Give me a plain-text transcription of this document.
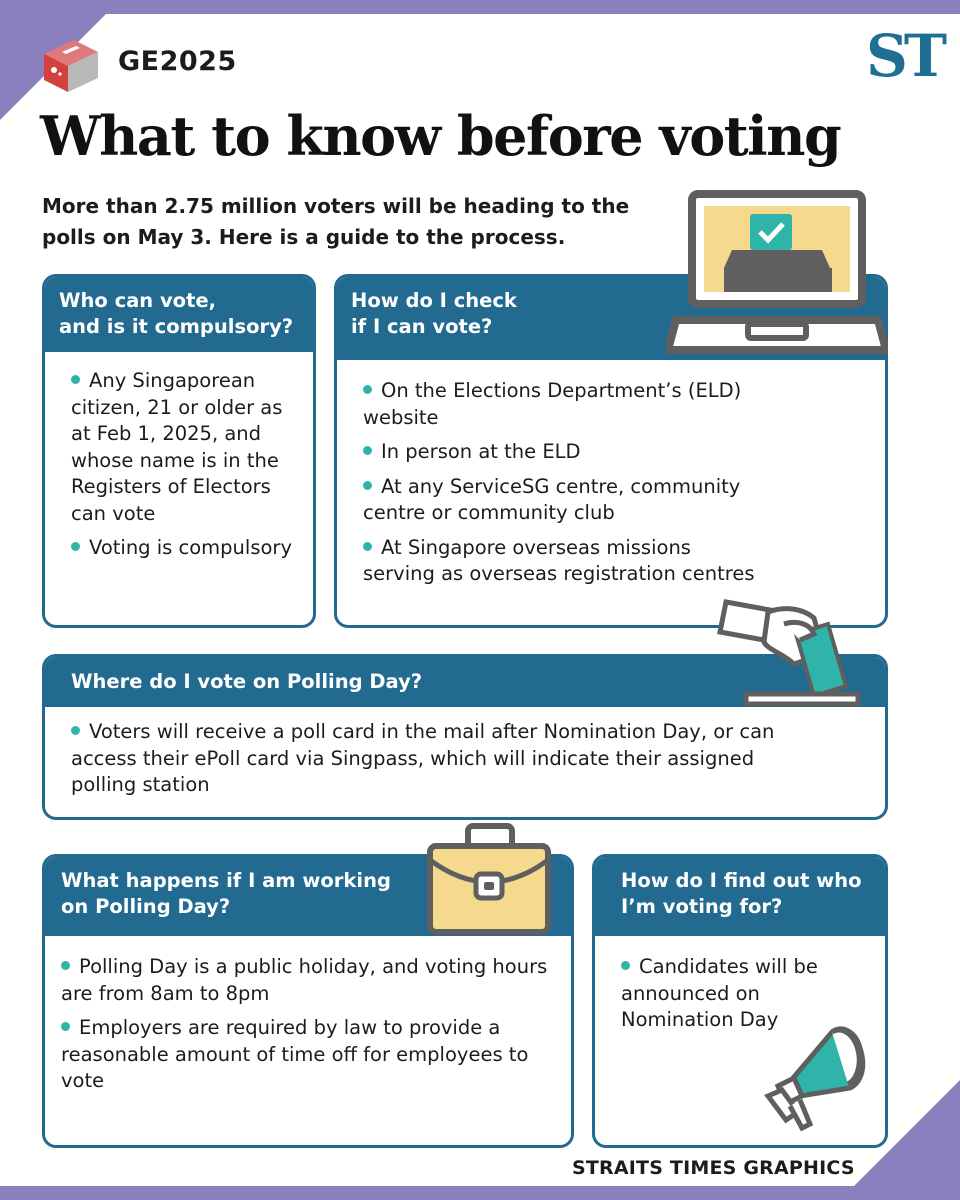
GE2025	ST
What to know before voting

More than 2.75 million voters will be heading to the polls on May 3. Here is a guide to the process.

Who can vote,
and is it compulsory?
Any Singaporean citizen, 21 or older as at Feb 1, 2025, and whose name is in the Registers of Electors can vote
Voting is compulsory
How do I check
if I can vote?
On the Elections Department’s (ELD) website
In person at the ELD
At any ServiceSG centre, community centre or community club
At Singapore overseas missions serving as overseas registration centres
Where do I vote on Polling Day?
Voters will receive a poll card in the mail after Nomination Day, or can access their ePoll card via Singpass, which will indicate their assigned polling station
What happens if I am working
on Polling Day?
Polling Day is a public holiday, and voting hours are from 8am to 8pm
Employers are required by law to provide a reasonable amount of time off for employees to vote
How do I find out who
I’m voting for?
Candidates will be announced on Nomination Day
STRAITS TIMES GRAPHICS
